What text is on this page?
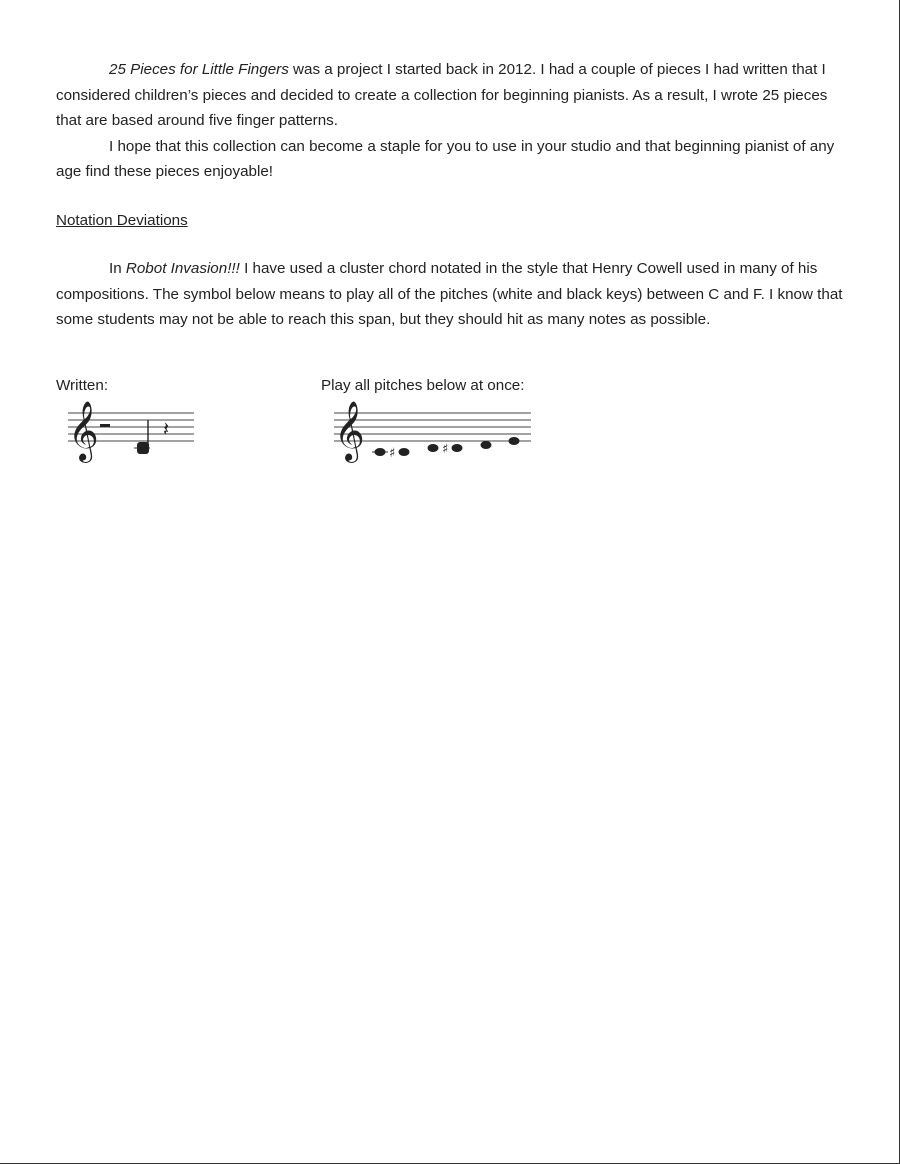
25 Pieces for Little Fingers was a project I started back in 2012. I had a couple of pieces I had written that I considered children’s pieces and decided to create a collection for beginning pianists. As a result, I wrote 25 pieces that are based around five finger patterns.

I hope that this collection can become a staple for you to use in your studio and that beginning pianist of any age find these pieces enjoyable!

Notation Deviations

In Robot Invasion!!! I have used a cluster chord notated in the style that Henry Cowell used in many of his compositions. The symbol below means to play all of the pitches (white and black keys) between C and F. I know that some students may not be able to reach this span, but they should hit as many notes as possible.

Written:	Play all pitches below at once:
𝄞	𝄽	𝄞 ♯	♯
